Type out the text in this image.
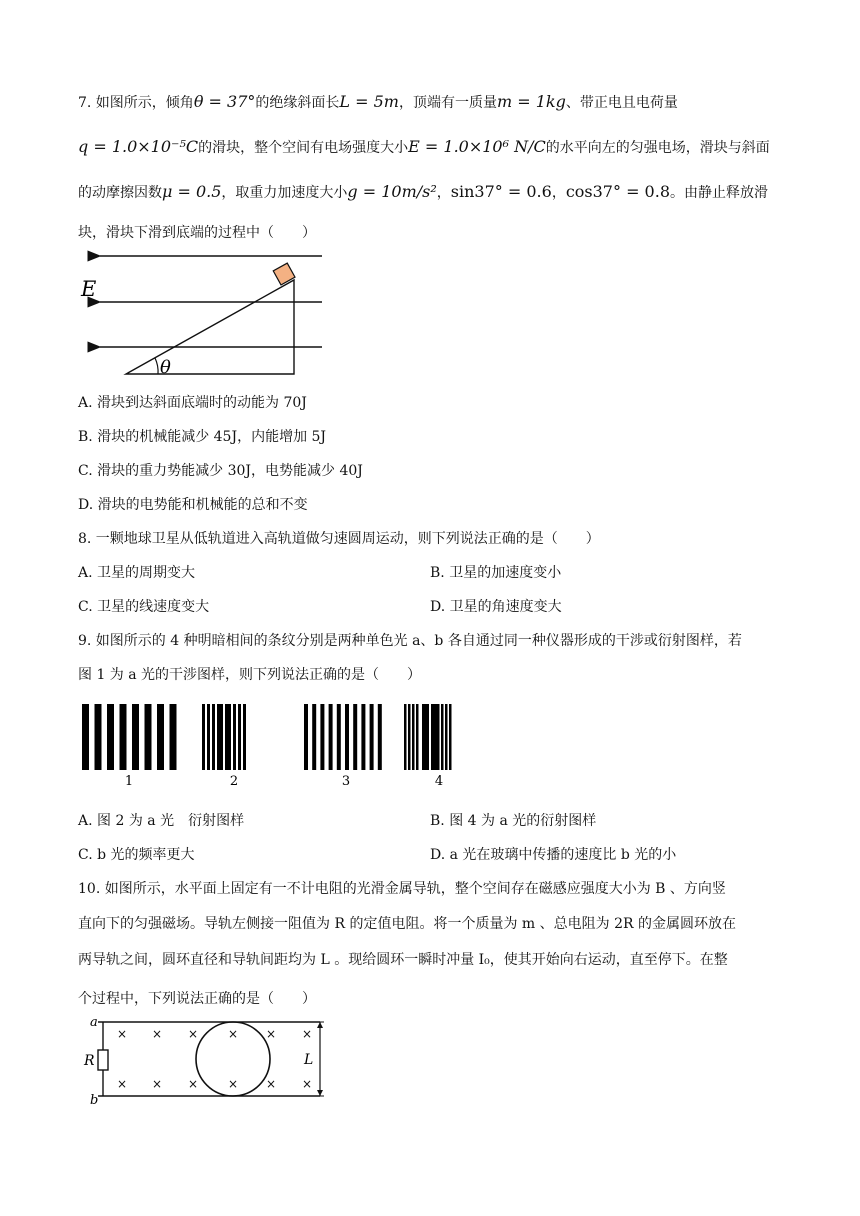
7. 如图所示，倾角θ = 37°的绝缘斜面长L = 5m，顶端有一质量m = 1kg、带正电且电荷量
q = 1.0×10⁻⁵C的滑块，整个空间有电场强度大小E = 1.0×10⁶ N/C的水平向左的匀强电场，滑块与斜面
的动摩擦因数μ = 0.5，取重力加速度大小g = 10m/s²，sin37° = 0.6，cos37° = 0.8。由静止释放滑
块，滑块下滑到底端的过程中（　　）
E
θ
A. 滑块到达斜面底端时的动能为 70J
B. 滑块的机械能减少 45J，内能增加 5J
C. 滑块的重力势能减少 30J，电势能减少 40J
D. 滑块的电势能和机械能的总和不变
8. 一颗地球卫星从低轨道进入高轨道做匀速圆周运动，则下列说法正确的是（　　）
A. 卫星的周期变大	B. 卫星的加速度变小
C. 卫星的线速度变大	D. 卫星的角速度变大
9. 如图所示的 4 种明暗相间的条纹分别是两种单色光 a、b 各自通过同一种仪器形成的干涉或衍射图样，若
图 1 为 a 光的干涉图样，则下列说法正确的是（　　）
1	2	3	4
A. 图 2 为 a 光　衍射图样	B. 图 4 为 a 光的衍射图样
C. b 光的频率更大	D. a 光在玻璃中传播的速度比 b 光的小
10. 如图所示，水平面上固定有一不计电阻的光滑金属导轨，整个空间存在磁感应强度大小为 B 、方向竖
直向下的匀强磁场。导轨左侧接一阻值为 R 的定值电阻。将一个质量为 m 、总电阻为 2R 的金属圆环放在
两导轨之间，圆环直径和导轨间距均为 L 。现给圆环一瞬时冲量 I₀，使其开始向右运动，直至停下。在整
个过程中，下列说法正确的是（　　）
× × × × × ×
× × × × × ×
a
b
R	L
